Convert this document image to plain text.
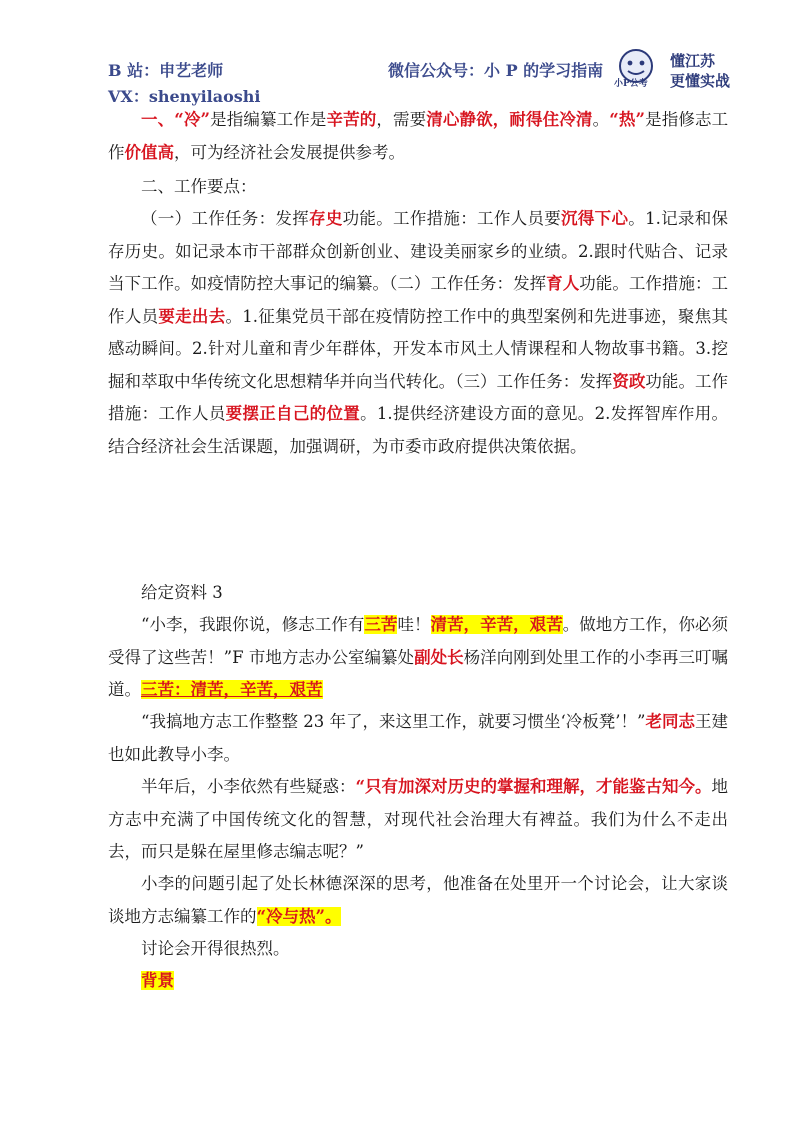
B 站：申艺老师
VX：shenyilaoshi
微信公众号：小 P 的学习指南
小P公考
懂江苏
更懂实战
一、“冷”是指编纂工作是辛苦的，需要清心静欲，耐得住冷清。“热”是指修志工作价值高，可为经济社会发展提供参考。
二、工作要点：
（一）工作任务：发挥存史功能。工作措施：工作人员要沉得下心。1.记录和保存历史。如记录本市干部群众创新创业、建设美丽家乡的业绩。2.跟时代贴合、记录当下工作。如疫情防控大事记的编纂。（二）工作任务：发挥育人功能。工作措施：工作人员要走出去。1.征集党员干部在疫情防控工作中的典型案例和先进事迹，聚焦其感动瞬间。2.针对儿童和青少年群体，开发本市风土人情课程和人物故事书籍。3.挖掘和萃取中华传统文化思想精华并向当代转化。（三）工作任务：发挥资政功能。工作措施：工作人员要摆正自己的位置。1.提供经济建设方面的意见。2.发挥智库作用。结合经济社会生活课题，加强调研，为市委市政府提供决策依据。
给定资料 3
“小李，我跟你说，修志工作有三苦哇！清苦，辛苦，艰苦。做地方工作，你必须受得了这些苦！”F 市地方志办公室编纂处副处长杨洋向刚到处里工作的小李再三叮嘱道。 三苦：清苦，辛苦，艰苦
“我搞地方志工作整整 23 年了，来这里工作，就要习惯坐‘冷板凳’！”老同志王建也如此教导小李。
半年后，小李依然有些疑惑：“只有加深对历史的掌握和理解，才能鉴古知今。地方志中充满了中国传统文化的智慧，对现代社会治理大有裨益。我们为什么不走出去，而只是躲在屋里修志编志呢？”
小李的问题引起了处长林德深深的思考，他准备在处里开一个讨论会，让大家谈谈地方志编纂工作的“冷与热”。
讨论会开得很热烈。
背景
